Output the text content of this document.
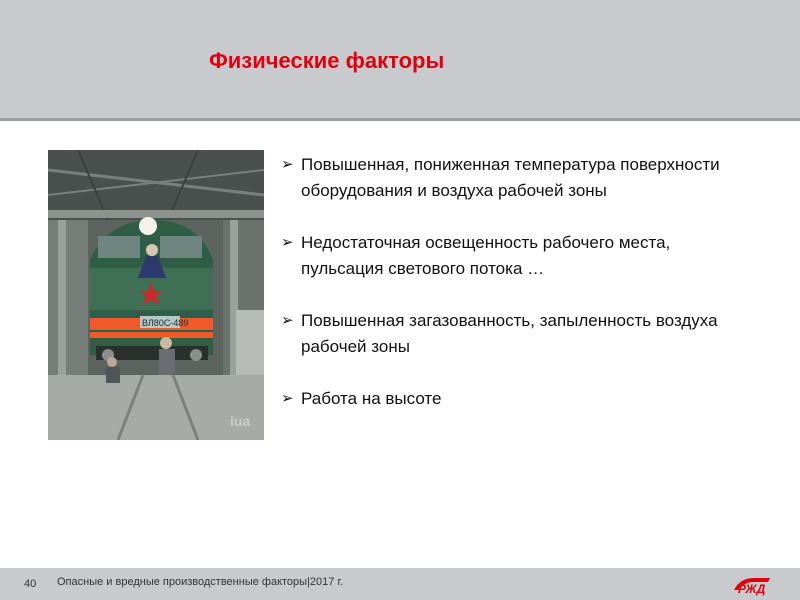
Физические факторы
ВЛ80С-489
iua
➢ Повышенная, пониженная температура поверхности оборудования и воздуха рабочей зоны
➢ Недостаточная освещенность рабочего места, пульсация светового потока …
➢ Повышенная загазованность, запыленность воздуха рабочей зоны
➢ Работа на высоте
40 Опасные и вредные производственные факторы|2017 г.	РЖД
